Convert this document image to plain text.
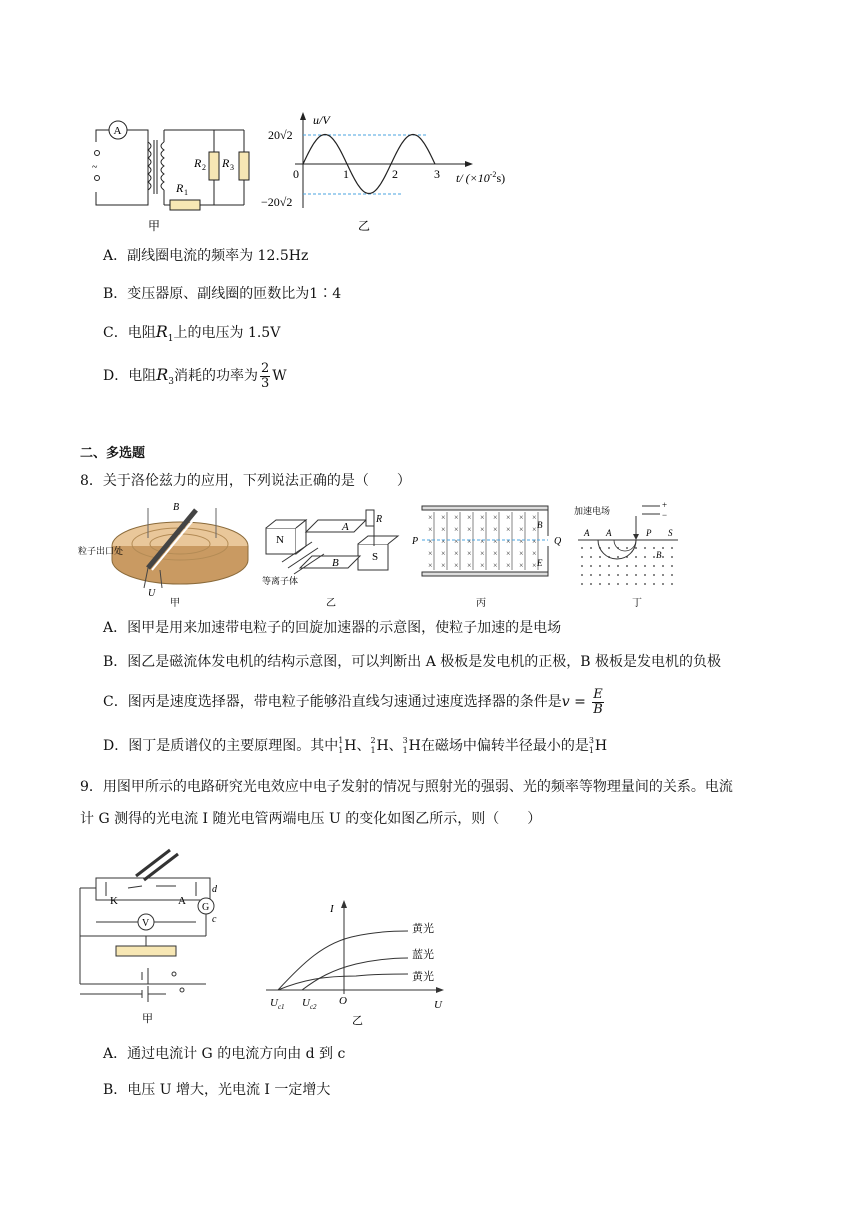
~
A
R 2 R 3
R 1
甲
u/V
20√2
−20√2
0	1	2	3 t/ $(\times 10^{-2}s)$
乙
A．副线圈电流的频率为 12.5Hz
B．变压器原、副线圈的匝数比为1∶4
C．电阻$R_1$上的电压为 1.5V
D．电阻$R_3$消耗的功率为 $\frac{2}{3}$ W
二、多选题
8．关于洛伦兹力的应用，下列说法正确的是（　　）
B
粒子出口处
U
甲
N
S
A
B
R
等离子体
乙
×
×
×
×
×
×
×
×
×
×
×
×
×
×
×
×
×
×
×
×
×
×
×
×
×
×
×
×
×
×
×
×
×
×
×
×
×
×
×
×
×
×
×
×
×
P	Q
B
E
丙
加速电场
+
−
A A	P S
B
丁
A．图甲是用来加速带电粒子的回旋加速器的示意图，使粒子加速的是电场
B．图乙是磁流体发电机的结构示意图，可以判断出 A 极板是发电机的正极，B 极板是发电机的负极
C．图丙是速度选择器，带电粒子能够沿直线匀速通过速度选择器的条件是$v = \frac{E}{B}$
D．图丁是质谱仪的主要原理图。其中 1
1 H、 2
1 H、 3
1 H在磁场中偏转半径最小的是 3
1 H
9．用图甲所示的电路研究光电效应中电子发射的情况与照射光的强弱、光的频率等物理量间的关系。电流
计 G 测得的光电流 I 随光电管两端电压 U 的变化如图乙所示，则（　　）
G
V
K	A
d
c
甲
I
U
O
$U_{c1}$ $U_{c2}$
黄光
蓝光
黄光
乙
A．通过电流计 G 的电流方向由 d 到 c
B．电压 U 增大，光电流 I 一定增大
